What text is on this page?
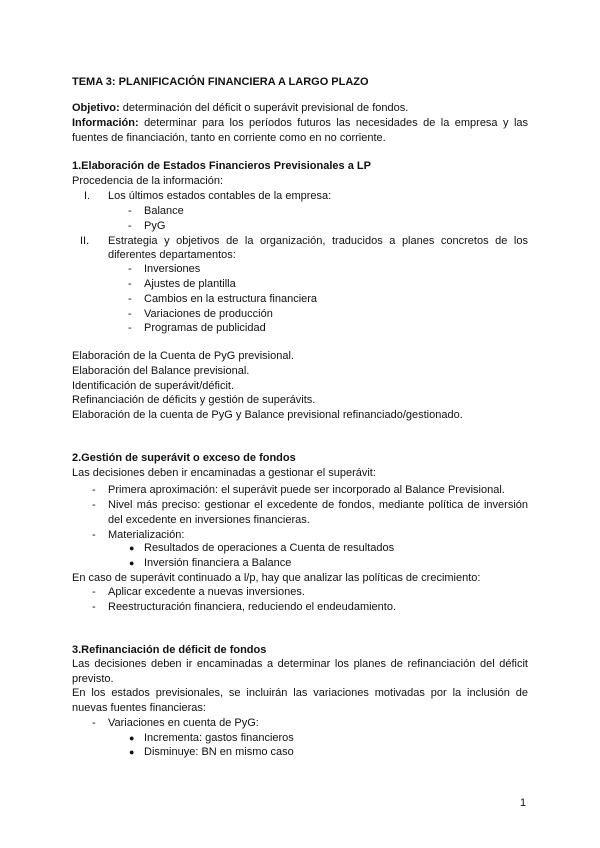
TEMA 3: PLANIFICACIÓN FINANCIERA A LARGO PLAZO
Objetivo: determinación del déficit o superávit previsional de fondos.
Información: determinar para los períodos futuros las necesidades de la empresa y las
fuentes de financiación, tanto en corriente como en no corriente.
1.Elaboración de Estados Financieros Previsionales a LP
Procedencia de la información:
I. Los últimos estados contables de la empresa:
- Balance
- PyG
II. Estrategia y objetivos de la organización, traducidos a planes concretos de los
diferentes departamentos:
- Inversiones
- Ajustes de plantilla
- Cambios en la estructura financiera
- Variaciones de producción
- Programas de publicidad
Elaboración de la Cuenta de PyG previsional.
Elaboración del Balance previsional.
Identificación de superávit/déficit.
Refinanciación de déficits y gestión de superávits.
Elaboración de la cuenta de PyG y Balance previsional refinanciado/gestionado.
2.Gestión de superávit o exceso de fondos
Las decisiones deben ir encaminadas a gestionar el superávit:
- Primera aproximación: el superávit puede ser incorporado al Balance Previsional.
- Nivel más preciso: gestionar el excedente de fondos, mediante política de inversión
del excedente en inversiones financieras.
- Materialización:
● Resultados de operaciones a Cuenta de resultados
● Inversión financiera a Balance
En caso de superávit continuado a l/p, hay que analizar las políticas de crecimiento:
- Aplicar excedente a nuevas inversiones.
- Reestructuración financiera, reduciendo el endeudamiento.
3.Refinanciación de déficit de fondos
Las decisiones deben ir encaminadas a determinar los planes de refinanciación del déficit
previsto.
En los estados previsionales, se incluirán las variaciones motivadas por la inclusión de
nuevas fuentes financieras:
- Variaciones en cuenta de PyG:
● Incrementa: gastos financieros
● Disminuye: BN en mismo caso
1
